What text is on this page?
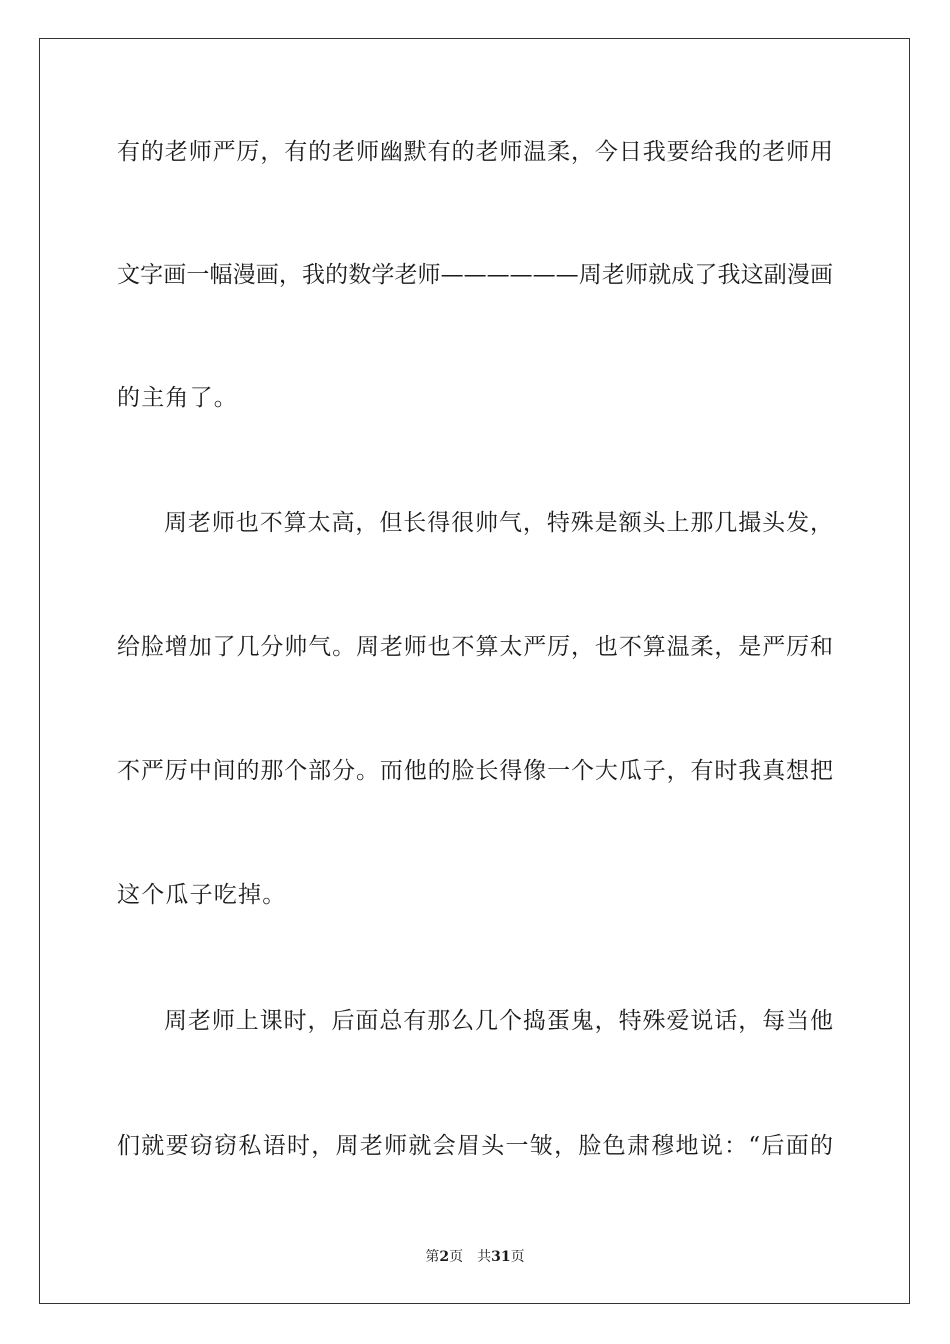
有的老师严厉，有的老师幽默有的老师温柔，今日我要给我的老师用
文字画一幅漫画，我的数学老师——————周老师就成了我这副漫画
的主角了。
周老师也不算太高，但长得很帅气，特殊是额头上那几撮头发，
给脸增加了几分帅气。周老师也不算太严厉，也不算温柔，是严厉和
不严厉中间的那个部分。而他的脸长得像一个大瓜子，有时我真想把
这个瓜子吃掉。
周老师上课时，后面总有那么几个捣蛋鬼，特殊爱说话，每当他
们就要窃窃私语时，周老师就会眉头一皱，脸色肃穆地说：“后面的
第2页 共31页
